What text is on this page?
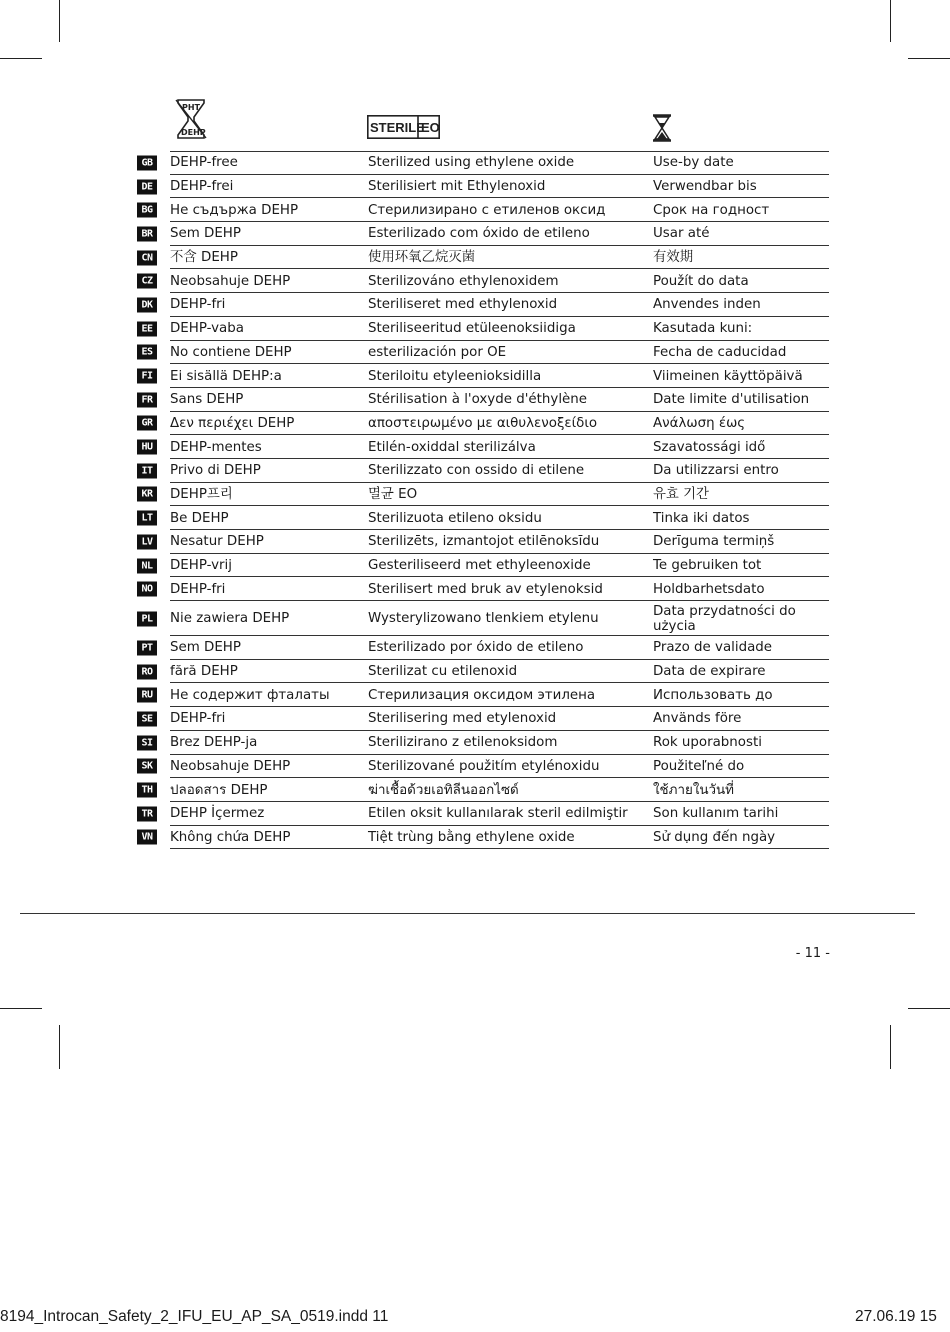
PHT
DEHP	STERILE
EO
GB	DEHP-free	Sterilized using ethylene oxide	Use-by date
DE	DEHP-frei	Sterilisiert mit Ethylenoxid	Verwendbar bis
BG	Не съдържа DEHP	Стерилизирано с етиленов оксид	Срок на годност
BR	Sem DEHP	Esterilizado com óxido de etileno	Usar até
CN	不含 DEHP	使用环氧乙烷灭菌	有效期
CZ	Neobsahuje DEHP	Sterilizováno ethylenoxidem	Použít do data
DK	DEHP-fri	Steriliseret med ethylenoxid	Anvendes inden
EE	DEHP-vaba	Steriliseeritud etüleenoksiidiga	Kasutada kuni:
ES	No contiene DEHP	esterilización por OE	Fecha de caducidad
FI	Ei sisällä DEHP:a	Steriloitu etyleenioksidilla	Viimeinen käyttöpäivä
FR	Sans DEHP	Stérilisation à l'oxyde d'éthylène	Date limite d'utilisation
GR	Δεν περιέχει DEHP	αποστειρωμένο με αιθυλενοξείδιο	Ανάλωση έως
HU	DEHP-mentes	Etilén-oxiddal sterilizálva	Szavatossági idő
IT	Privo di DEHP	Sterilizzato con ossido di etilene	Da utilizzarsi entro
KR	DEHP프리	멸균 EO	유효 기간
LT	Be DEHP	Sterilizuota etileno oksidu	Tinka iki datos
LV	Nesatur DEHP	Sterilizēts, izmantojot etilēnoksīdu	Derīguma termiņš
NL	DEHP-vrij	Gesteriliseerd met ethyleenoxide	Te gebruiken tot
NO	DEHP-fri	Sterilisert med bruk av etylenoksid	Holdbarhetsdato
PL	Nie zawiera DEHP	Wysterylizowano tlenkiem etylenu	Data przydatności do użycia
PT	Sem DEHP	Esterilizado por óxido de etileno	Prazo de validade
RO	fără DEHP	Sterilizat cu etilenoxid	Data de expirare
RU	Не содержит фталаты	Стерилизация оксидом этилена	Использовать до
SE	DEHP-fri	Sterilisering med etylenoxid	Används före
SI	Brez DEHP-ja	Sterilizirano z etilenoksidom	Rok uporabnosti
SK	Neobsahuje DEHP	Sterilizované použitím etylénoxidu	Použiteľné do
TH	ปลอดสาร DEHP	ฆ่าเชื้อด้วยเอทิลีนออกไซด์	ใช้ภายในวันที่
TR	DEHP İçermez	Etilen oksit kullanılarak steril edilmiştir	Son kullanım tarihi
VN	Không chứa DEHP	Tiệt trùng bằng ethylene oxide	Sử dụng đến ngày
- 11 -
8194_Introcan_Safety_2_IFU_EU_AP_SA_0519.indd 11	27.06.19 15
